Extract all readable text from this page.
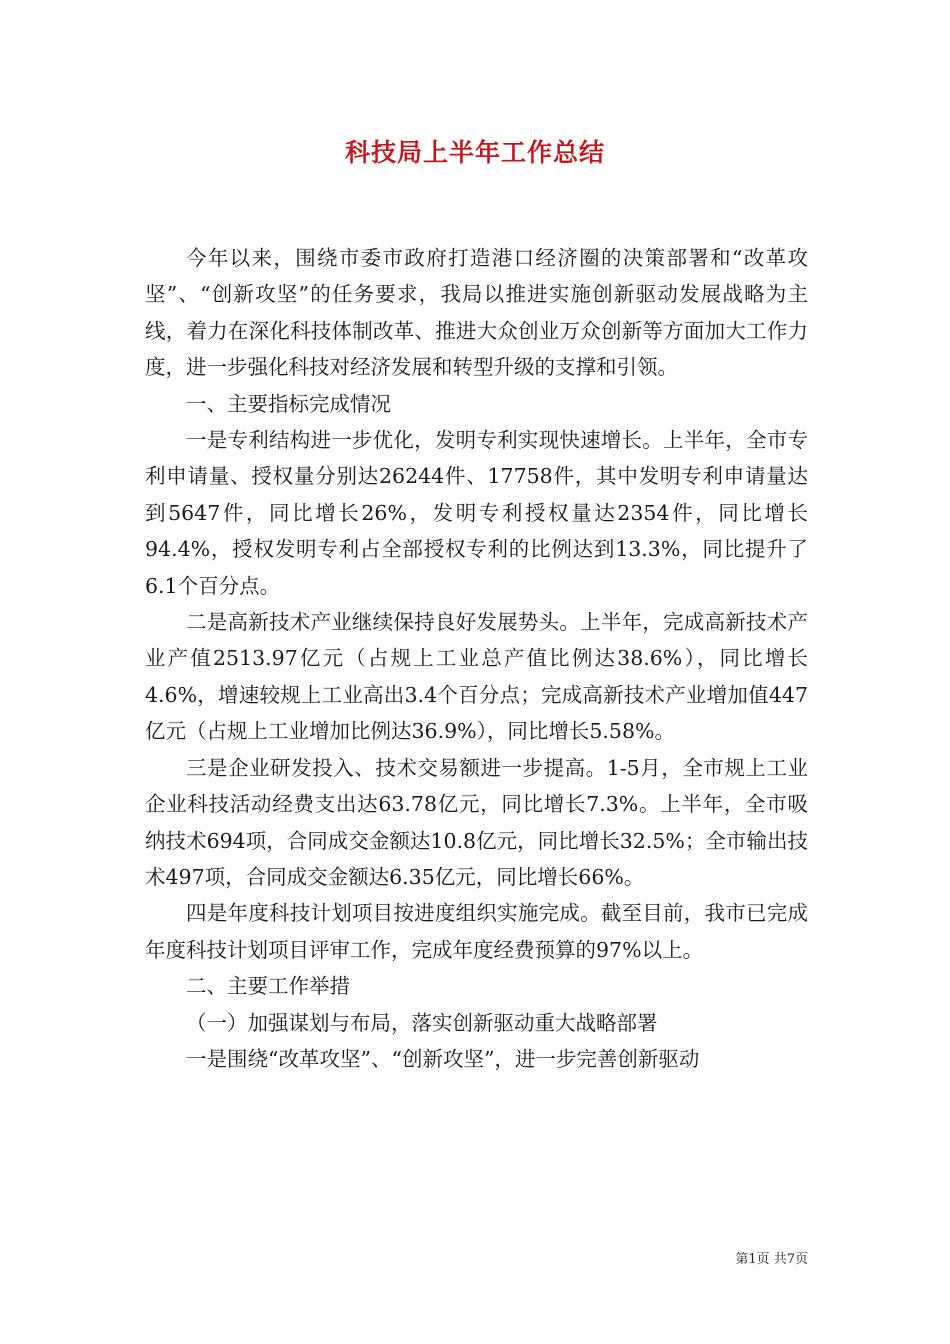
科技局上半年工作总结

今年以来，围绕市委市政府打造港口经济圈的决策部署和“改革攻坚”、“创新攻坚”的任务要求，我局以推进实施创新驱动发展战略为主线，着力在深化科技体制改革、推进大众创业万众创新等方面加大工作力度，进一步强化科技对经济发展和转型升级的支撑和引领。

一、主要指标完成情况

一是专利结构进一步优化，发明专利实现快速增长。上半年，全市专利申请量、授权量分别达26244件、17758件，其中发明专利申请量达到5647件，同比增长26%，发明专利授权量达2354件，同比增长94.4%，授权发明专利占全部授权专利的比例达到13.3%，同比提升了6.1个百分点。

二是高新技术产业继续保持良好发展势头。上半年，完成高新技术产业产值2513.97亿元（占规上工业总产值比例达38.6%），同比增长4.6%，增速较规上工业高出3.4个百分点；完成高新技术产业增加值447亿元（占规上工业增加比例达36.9%），同比增长5.58%。

三是企业研发投入、技术交易额进一步提高。1-5月，全市规上工业企业科技活动经费支出达63.78亿元，同比增长7.3%。上半年，全市吸纳技术694项，合同成交金额达10.8亿元，同比增长32.5%；全市输出技术497项，合同成交金额达6.35亿元，同比增长66%。

四是年度科技计划项目按进度组织实施完成。截至目前，我市已完成年度科技计划项目评审工作，完成年度经费预算的97%以上。

二、主要工作举措

（一）加强谋划与布局，落实创新驱动重大战略部署

一是围绕“改革攻坚”、“创新攻坚”，进一步完善创新驱动

第1页 共7页
